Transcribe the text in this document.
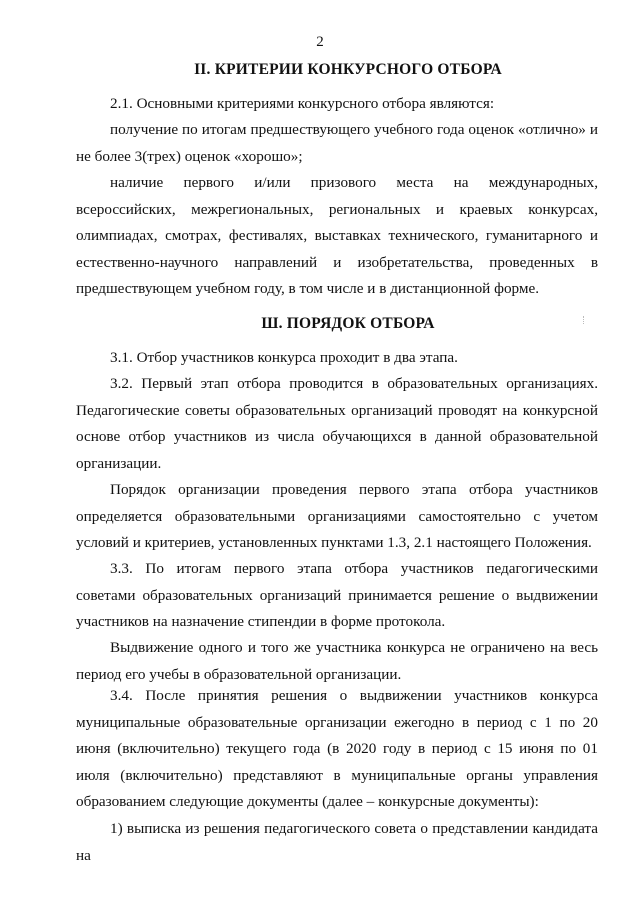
2
II. КРИТЕРИИ КОНКУРСНОГО ОТБОРА
2.1. Основными критериями конкурсного отбора являются:
получение по итогам предшествующего учебного года оценок «отлично» и не более 3(трех) оценок «хорошо»;
наличие первого и/или призового места на международных, всероссийских, межрегиональных, региональных и краевых конкурсах, олимпиадах, смотрах, фестивалях, выставках технического, гуманитарного и естественно-научного направлений и изобретательства, проведенных в предшествующем учебном году, в том числе и в дистанционной форме.
Ш. ПОРЯДОК ОТБОРА
3.1. Отбор участников конкурса проходит в два этапа.
3.2. Первый этап отбора проводится в образовательных организациях. Педагогические советы образовательных организаций проводят на конкурсной основе отбор участников из числа обучающихся в данной образовательной организации.
Порядок организации проведения первого этапа отбора участников определяется образовательными организациями самостоятельно с учетом условий и критериев, установленных пунктами 1.3, 2.1 настоящего Положения.
3.3. По итогам первого этапа отбора участников педагогическими советами образовательных организаций принимается решение о выдвижении участников на назначение стипендии в форме протокола.
Выдвижение одного и того же участника конкурса не ограничено на весь период его учебы в образовательной организации.
3.4. После принятия решения о выдвижении участников конкурса муниципальные образовательные организации ежегодно в период с 1 по 20 июня (включительно) текущего года (в 2020 году в период с 15 июня по 01 июля (включительно) представляют в муниципальные органы управления образованием следующие документы (далее – конкурсные документы):
1) выписка из решения педагогического совета о представлении кандидата на
